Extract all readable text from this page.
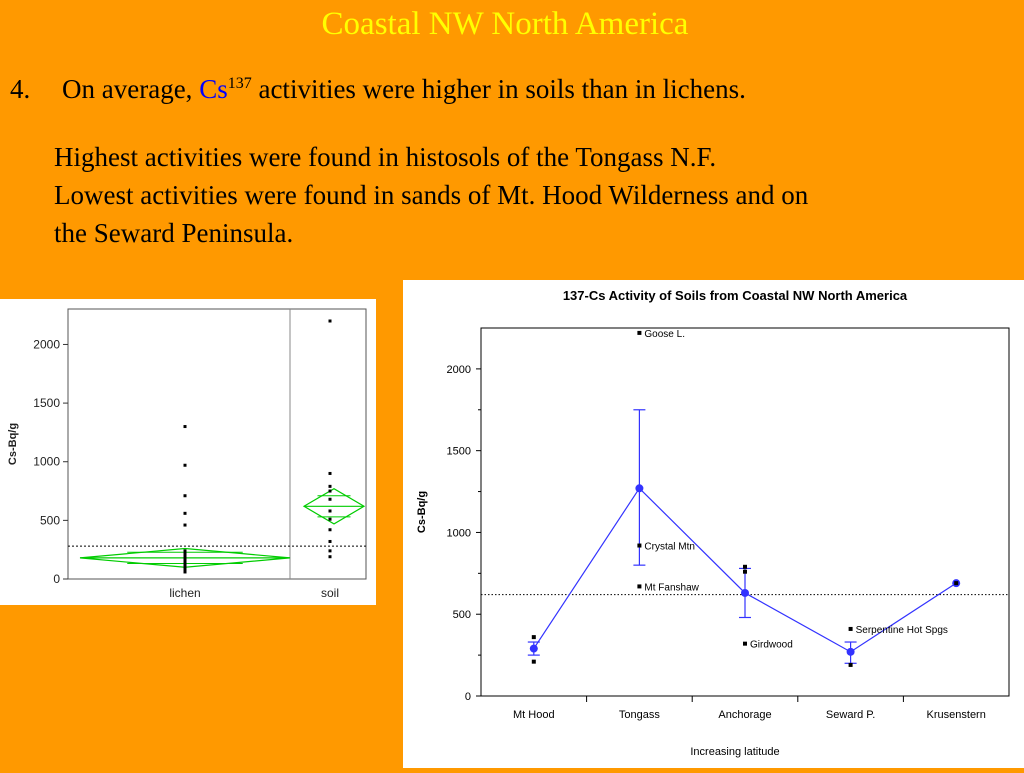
Coastal NW North America
4. On average, Cs$^{137}$ activities were higher in soils than in lichens.
Highest activities were found in histosols of the Tongass N.F.
Lowest activities were found in sands of Mt. Hood Wilderness and on
the Seward Peninsula.
0
500
1000
1500
2000
Cs-Bq/g
lichen	soil
137-Cs Activity of Soils from Coastal NW North America
0
500
1000
1500
2000
Cs-Bq/g
Mt Hood	Tongass	Anchorage	Seward P.	Krusenstern
Increasing latitude
Goose L.
Crystal Mtn
Mt Fanshaw
Girdwood
Serpentine Hot Spgs
